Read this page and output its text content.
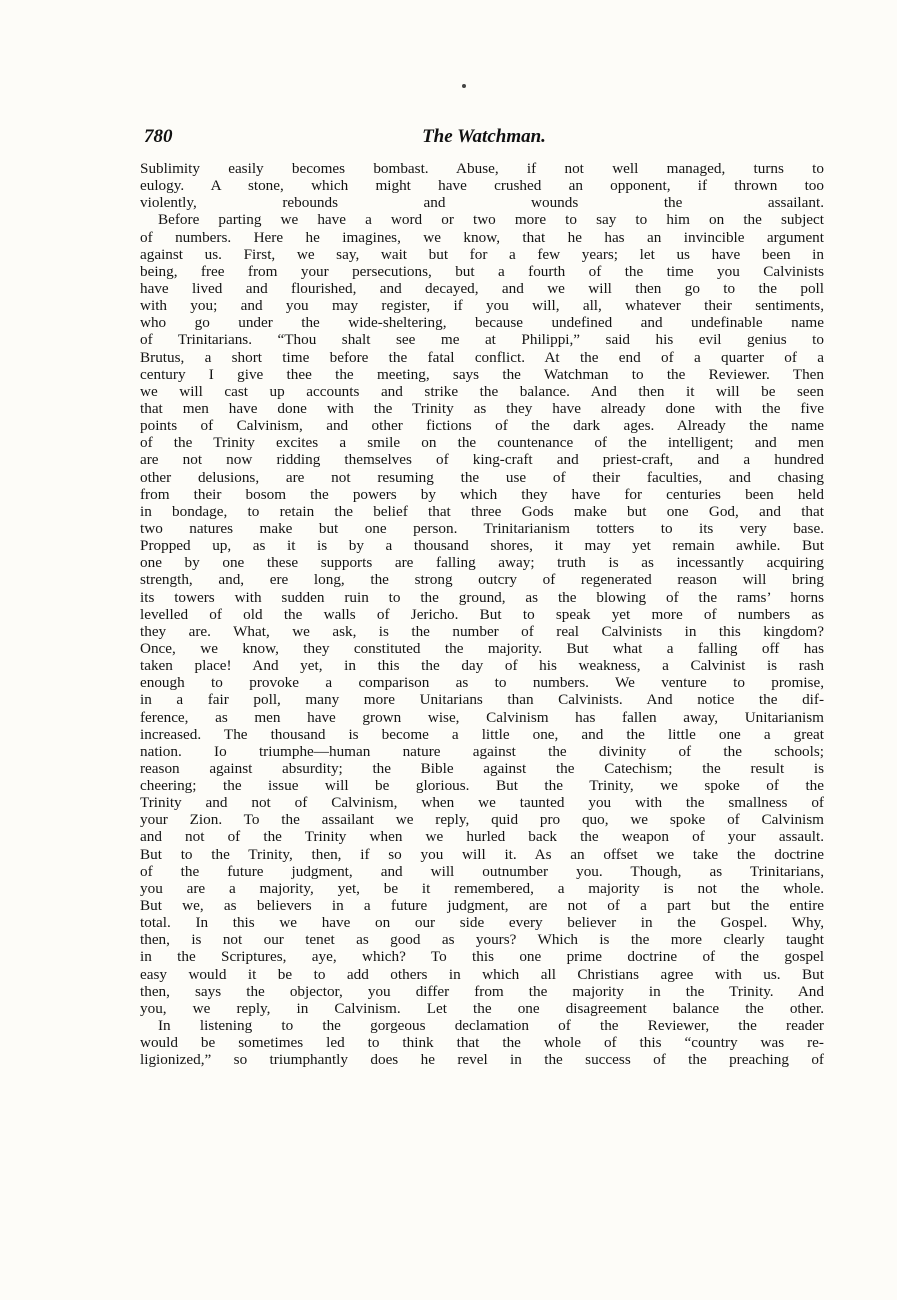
780	The Watchman.
Sublimity easily becomes bombast. Abuse, if not well managed, turns to
eulogy. A stone, which might have crushed an opponent, if thrown too
violently, rebounds and wounds the assailant.
Before parting we have a word or two more to say to him on the subject
of numbers. Here he imagines, we know, that he has an invincible argument
against us. First, we say, wait but for a few years; let us have been in
being, free from your persecutions, but a fourth of the time you Calvinists
have lived and flourished, and decayed, and we will then go to the poll
with you; and you may register, if you will, all, whatever their sentiments,
who go under the wide-sheltering, because undefined and undefinable name
of Trinitarians. “Thou shalt see me at Philippi,” said his evil genius to
Brutus, a short time before the fatal conflict. At the end of a quarter of a
century I give thee the meeting, says the Watchman to the Reviewer. Then
we will cast up accounts and strike the balance. And then it will be seen
that men have done with the Trinity as they have already done with the five
points of Calvinism, and other fictions of the dark ages. Already the name
of the Trinity excites a smile on the countenance of the intelligent; and men
are not now ridding themselves of king-craft and priest-craft, and a hundred
other delusions, are not resuming the use of their faculties, and chasing
from their bosom the powers by which they have for centuries been held
in bondage, to retain the belief that three Gods make but one God, and that
two natures make but one person. Trinitarianism totters to its very base.
Propped up, as it is by a thousand shores, it may yet remain awhile. But
one by one these supports are falling away; truth is as incessantly acquiring
strength, and, ere long, the strong outcry of regenerated reason will bring
its towers with sudden ruin to the ground, as the blowing of the rams’ horns
levelled of old the walls of Jericho. But to speak yet more of numbers as
they are. What, we ask, is the number of real Calvinists in this kingdom?
Once, we know, they constituted the majority. But what a falling off has
taken place! And yet, in this the day of his weakness, a Calvinist is rash
enough to provoke a comparison as to numbers. We venture to promise,
in a fair poll, many more Unitarians than Calvinists. And notice the dif-
ference, as men have grown wise, Calvinism has fallen away, Unitarianism
increased. The thousand is become a little one, and the little one a great
nation. Io triumphe—human nature against the divinity of the schools;
reason against absurdity; the Bible against the Catechism; the result is
cheering; the issue will be glorious. But the Trinity, we spoke of the
Trinity and not of Calvinism, when we taunted you with the smallness of
your Zion. To the assailant we reply, quid pro quo, we spoke of Calvinism
and not of the Trinity when we hurled back the weapon of your assault.
But to the Trinity, then, if so you will it. As an offset we take the doctrine
of the future judgment, and will outnumber you. Though, as Trinitarians,
you are a majority, yet, be it remembered, a majority is not the whole.
But we, as believers in a future judgment, are not of a part but the entire
total. In this we have on our side every believer in the Gospel. Why,
then, is not our tenet as good as yours? Which is the more clearly taught
in the Scriptures, aye, which? To this one prime doctrine of the gospel
easy would it be to add others in which all Christians agree with us. But
then, says the objector, you differ from the majority in the Trinity. And
you, we reply, in Calvinism. Let the one disagreement balance the other.
In listening to the gorgeous declamation of the Reviewer, the reader
would be sometimes led to think that the whole of this “country was re-
ligionized,” so triumphantly does he revel in the success of the preaching of
